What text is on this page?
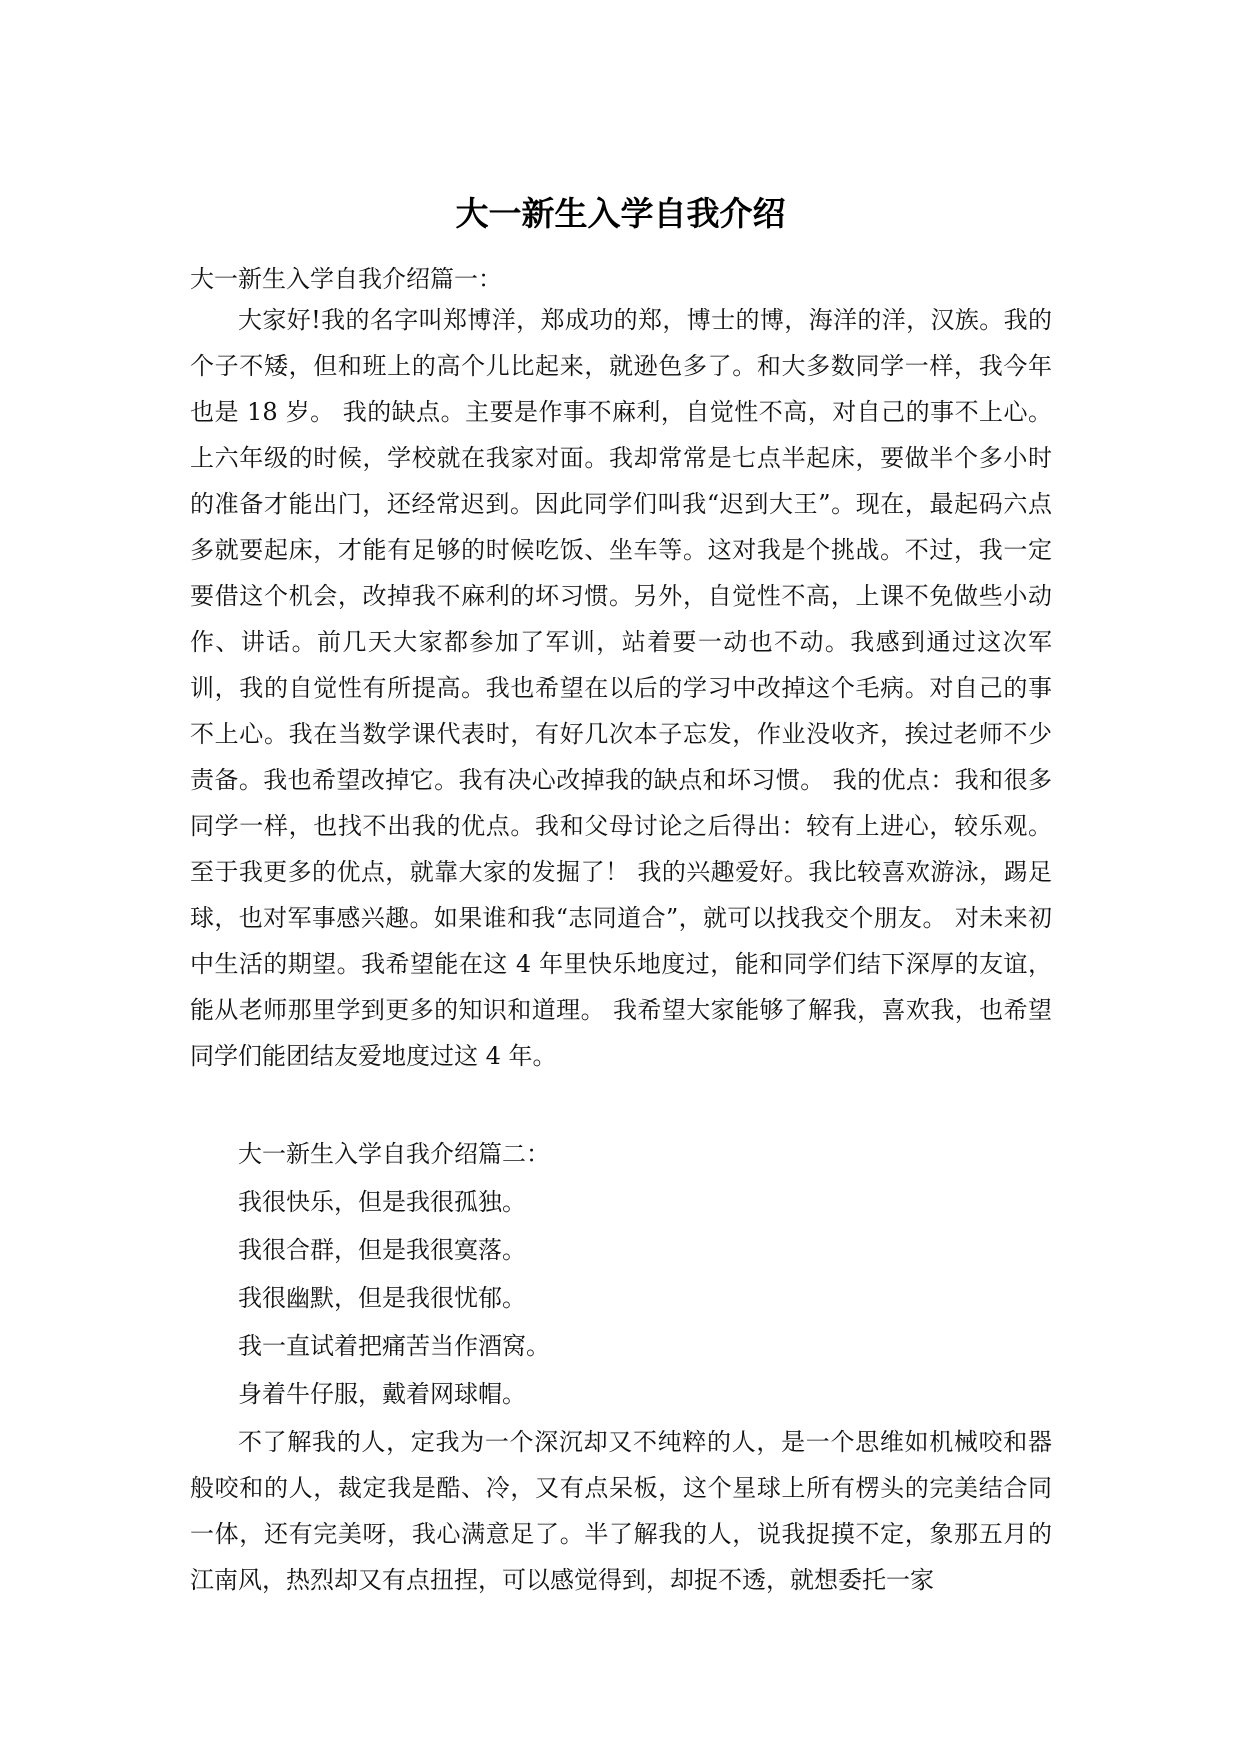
大一新生入学自我介绍

大一新生入学自我介绍篇一：

大家好!我的名字叫郑博洋，郑成功的郑，博士的博，海洋的洋，汉族。我的个子不矮，但和班上的高个儿比起来，就逊色多了。和大多数同学一样，我今年也是 18 岁。 我的缺点。主要是作事不麻利，自觉性不高，对自己的事不上心。上六年级的时候，学校就在我家对面。我却常常是七点半起床，要做半个多小时的准备才能出门，还经常迟到。因此同学们叫我“迟到大王”。现在，最起码六点多就要起床，才能有足够的时候吃饭、坐车等。这对我是个挑战。不过，我一定要借这个机会，改掉我不麻利的坏习惯。另外，自觉性不高，上课不免做些小动作、讲话。前几天大家都参加了军训，站着要一动也不动。我感到通过这次军训，我的自觉性有所提高。我也希望在以后的学习中改掉这个毛病。对自己的事不上心。我在当数学课代表时，有好几次本子忘发，作业没收齐，挨过老师不少责备。我也希望改掉它。我有决心改掉我的缺点和坏习惯。 我的优点：我和很多同学一样，也找不出我的优点。我和父母讨论之后得出：较有上进心，较乐观。至于我更多的优点，就靠大家的发掘了！ 我的兴趣爱好。我比较喜欢游泳，踢足球，也对军事感兴趣。如果谁和我“志同道合”，就可以找我交个朋友。 对未来初中生活的期望。我希望能在这 4 年里快乐地度过，能和同学们结下深厚的友谊，能从老师那里学到更多的知识和道理。 我希望大家能够了解我，喜欢我，也希望同学们能团结友爱地度过这 4 年。

大一新生入学自我介绍篇二：
我很快乐，但是我很孤独。
我很合群，但是我很寞落。
我很幽默，但是我很忧郁。
我一直试着把痛苦当作酒窝。
身着牛仔服，戴着网球帽。

不了解我的人，定我为一个深沉却又不纯粹的人，是一个思维如机械咬和器般咬和的人，裁定我是酷、冷，又有点呆板，这个星球上所有楞头的完美结合同一体，还有完美呀，我心满意足了。半了解我的人，说我捉摸不定，象那五月的江南风，热烈却又有点扭捏，可以感觉得到，却捉不透，就想委托一家
